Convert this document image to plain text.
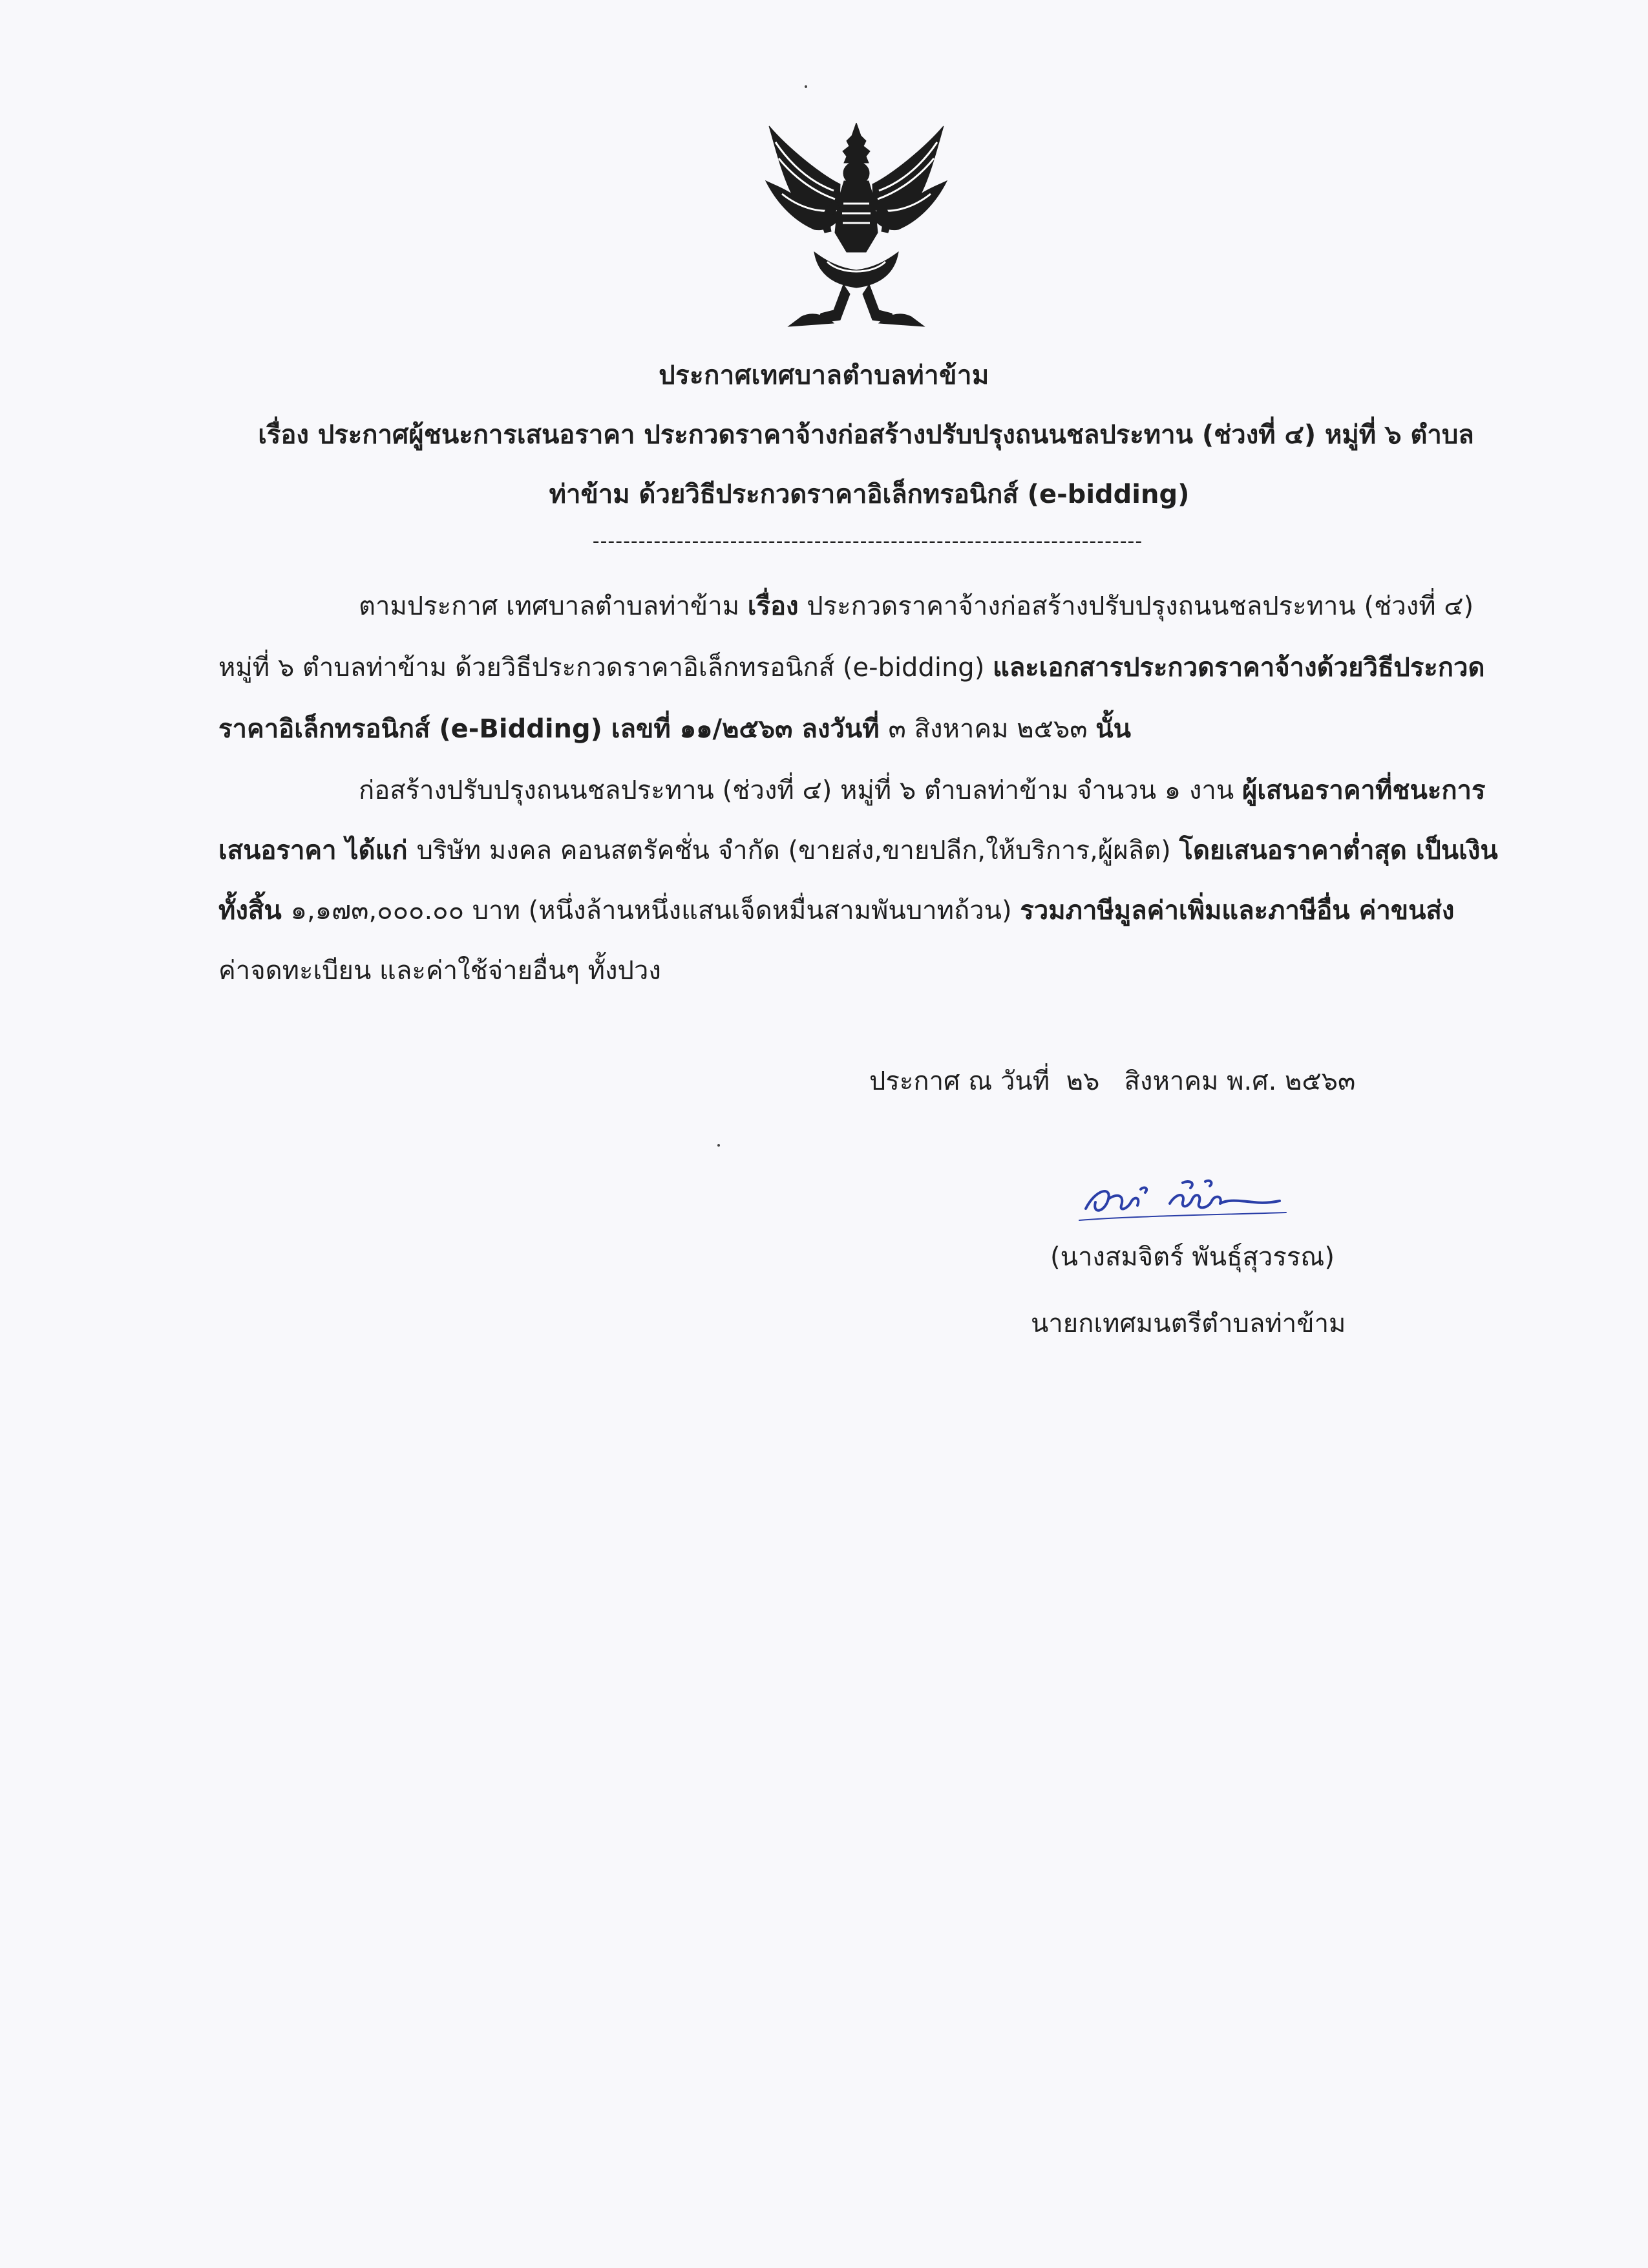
ประกาศเทศบาลตำบลท่าข้าม
เรื่อง ประกาศผู้ชนะการเสนอราคา ประกวดราคาจ้างก่อสร้างปรับปรุงถนนชลประทาน (ช่วงที่ ๔) หมู่ที่ ๖ ตำบล
ท่าข้าม ด้วยวิธีประกวดราคาอิเล็กทรอนิกส์ (e-bidding)
------------------------------------------------------------------------
ตามประกาศ เทศบาลตำบลท่าข้าม เรื่อง ประกวดราคาจ้างก่อสร้างปรับปรุงถนนชลประทาน (ช่วงที่ ๔)
หมู่ที่ ๖ ตำบลท่าข้าม ด้วยวิธีประกวดราคาอิเล็กทรอนิกส์ (e-bidding) และเอกสารประกวดราคาจ้างด้วยวิธีประกวด
ราคาอิเล็กทรอนิกส์ (e-Bidding) เลขที่ ๑๑/๒๕๖๓ ลงวันที่ ๓ สิงหาคม ๒๕๖๓ นั้น
ก่อสร้างปรับปรุงถนนชลประทาน (ช่วงที่ ๔) หมู่ที่ ๖ ตำบลท่าข้าม จำนวน ๑ งาน ผู้เสนอราคาที่ชนะการ
เสนอราคา ได้แก่ บริษัท มงคล คอนสตรัคชั่น จำกัด (ขายส่ง,ขายปลีก,ให้บริการ,ผู้ผลิต) โดยเสนอราคาต่ำสุด เป็นเงิน
ทั้งสิ้น ๑,๑๗๓,๐๐๐.๐๐ บาท (หนึ่งล้านหนึ่งแสนเจ็ดหมื่นสามพันบาทถ้วน) รวมภาษีมูลค่าเพิ่มและภาษีอื่น ค่าขนส่ง
ค่าจดทะเบียน และค่าใช้จ่ายอื่นๆ ทั้งปวง
ประกาศ ณ วันที่ ๒๖ สิงหาคม พ.ศ. ๒๕๖๓
(นางสมจิตร์ พันธุ์สุวรรณ)
นายกเทศมนตรีตำบลท่าข้าม
